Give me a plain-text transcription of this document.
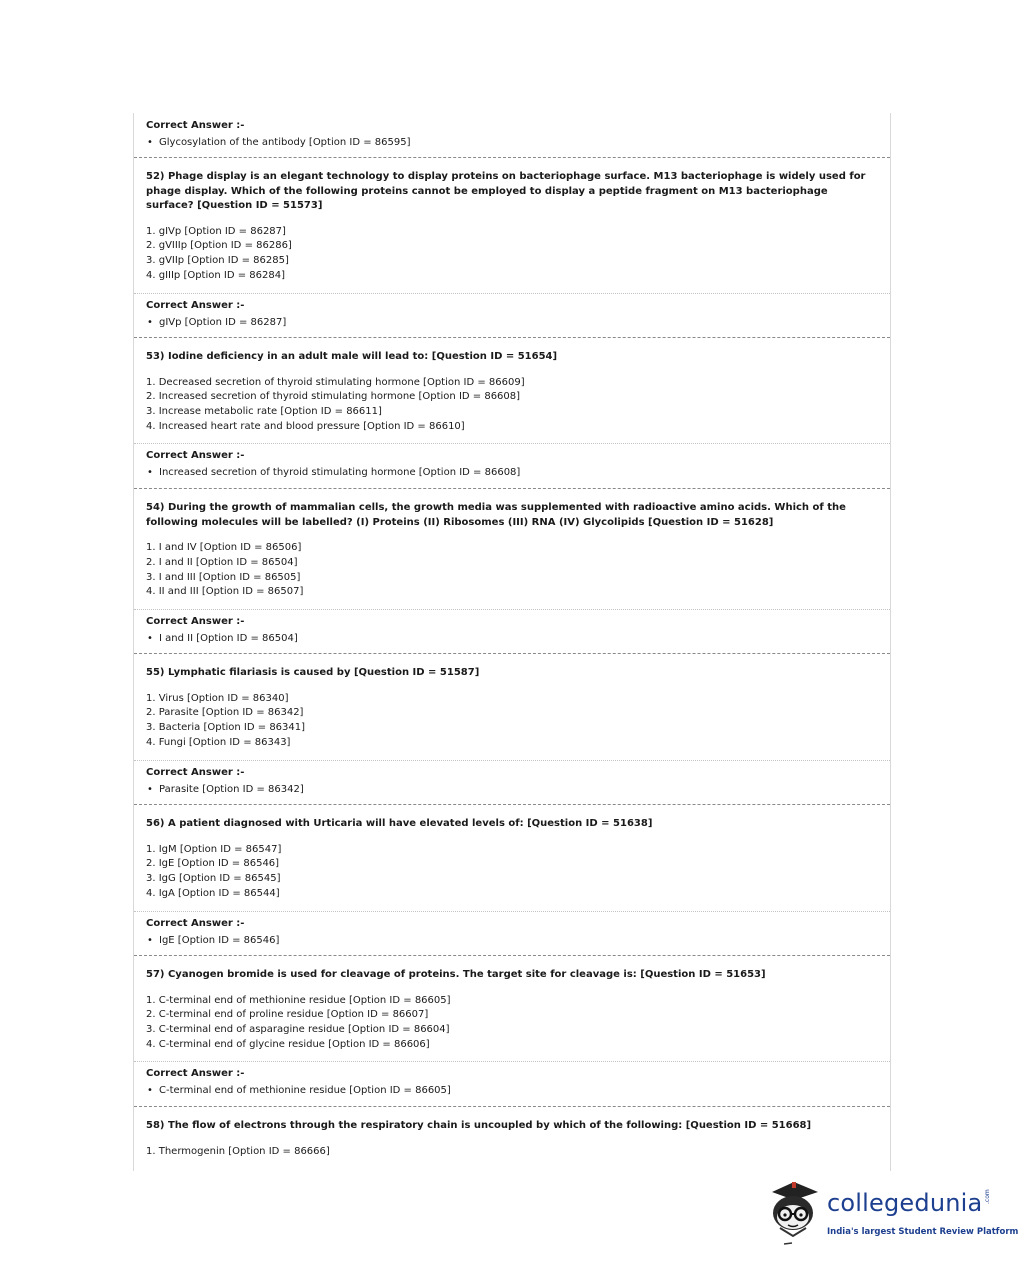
Correct Answer :-

• Glycosylation of the antibody [Option ID = 86595]

52) Phage display is an elegant technology to display proteins on bacteriophage surface. M13 bacteriophage is widely used for phage display. Which of the following proteins cannot be employed to display a peptide fragment on M13 bacteriophage surface? [Question ID = 51573]

1. gIVp [Option ID = 86287]
2. gVIIIp [Option ID = 86286]
3. gVIIp [Option ID = 86285]
4. gIIIp [Option ID = 86284]

Correct Answer :-

• gIVp [Option ID = 86287]

53) Iodine deficiency in an adult male will lead to: [Question ID = 51654]

1. Decreased secretion of thyroid stimulating hormone [Option ID = 86609]
2. Increased secretion of thyroid stimulating hormone [Option ID = 86608]
3. Increase metabolic rate [Option ID = 86611]
4. Increased heart rate and blood pressure [Option ID = 86610]

Correct Answer :-

• Increased secretion of thyroid stimulating hormone [Option ID = 86608]

54) During the growth of mammalian cells, the growth media was supplemented with radioactive amino acids. Which of the following molecules will be labelled? (I) Proteins (II) Ribosomes (III) RNA (IV) Glycolipids [Question ID = 51628]

1. I and IV [Option ID = 86506]
2. I and II [Option ID = 86504]
3. I and III [Option ID = 86505]
4. II and III [Option ID = 86507]

Correct Answer :-

• I and II [Option ID = 86504]

55) Lymphatic filariasis is caused by [Question ID = 51587]

1. Virus [Option ID = 86340]
2. Parasite [Option ID = 86342]
3. Bacteria [Option ID = 86341]
4. Fungi [Option ID = 86343]

Correct Answer :-

• Parasite [Option ID = 86342]

56) A patient diagnosed with Urticaria will have elevated levels of: [Question ID = 51638]

1. IgM [Option ID = 86547]
2. IgE [Option ID = 86546]
3. IgG [Option ID = 86545]
4. IgA [Option ID = 86544]

Correct Answer :-

• IgE [Option ID = 86546]

57) Cyanogen bromide is used for cleavage of proteins. The target site for cleavage is: [Question ID = 51653]

1. C-terminal end of methionine residue [Option ID = 86605]
2. C-terminal end of proline residue [Option ID = 86607]
3. C-terminal end of asparagine residue [Option ID = 86604]
4. C-terminal end of glycine residue [Option ID = 86606]

Correct Answer :-

• C-terminal end of methionine residue [Option ID = 86605]

58) The flow of electrons through the respiratory chain is uncoupled by which of the following: [Question ID = 51668]

1. Thermogenin [Option ID = 86666]
collegedunia .com
India's largest Student Review Platform
